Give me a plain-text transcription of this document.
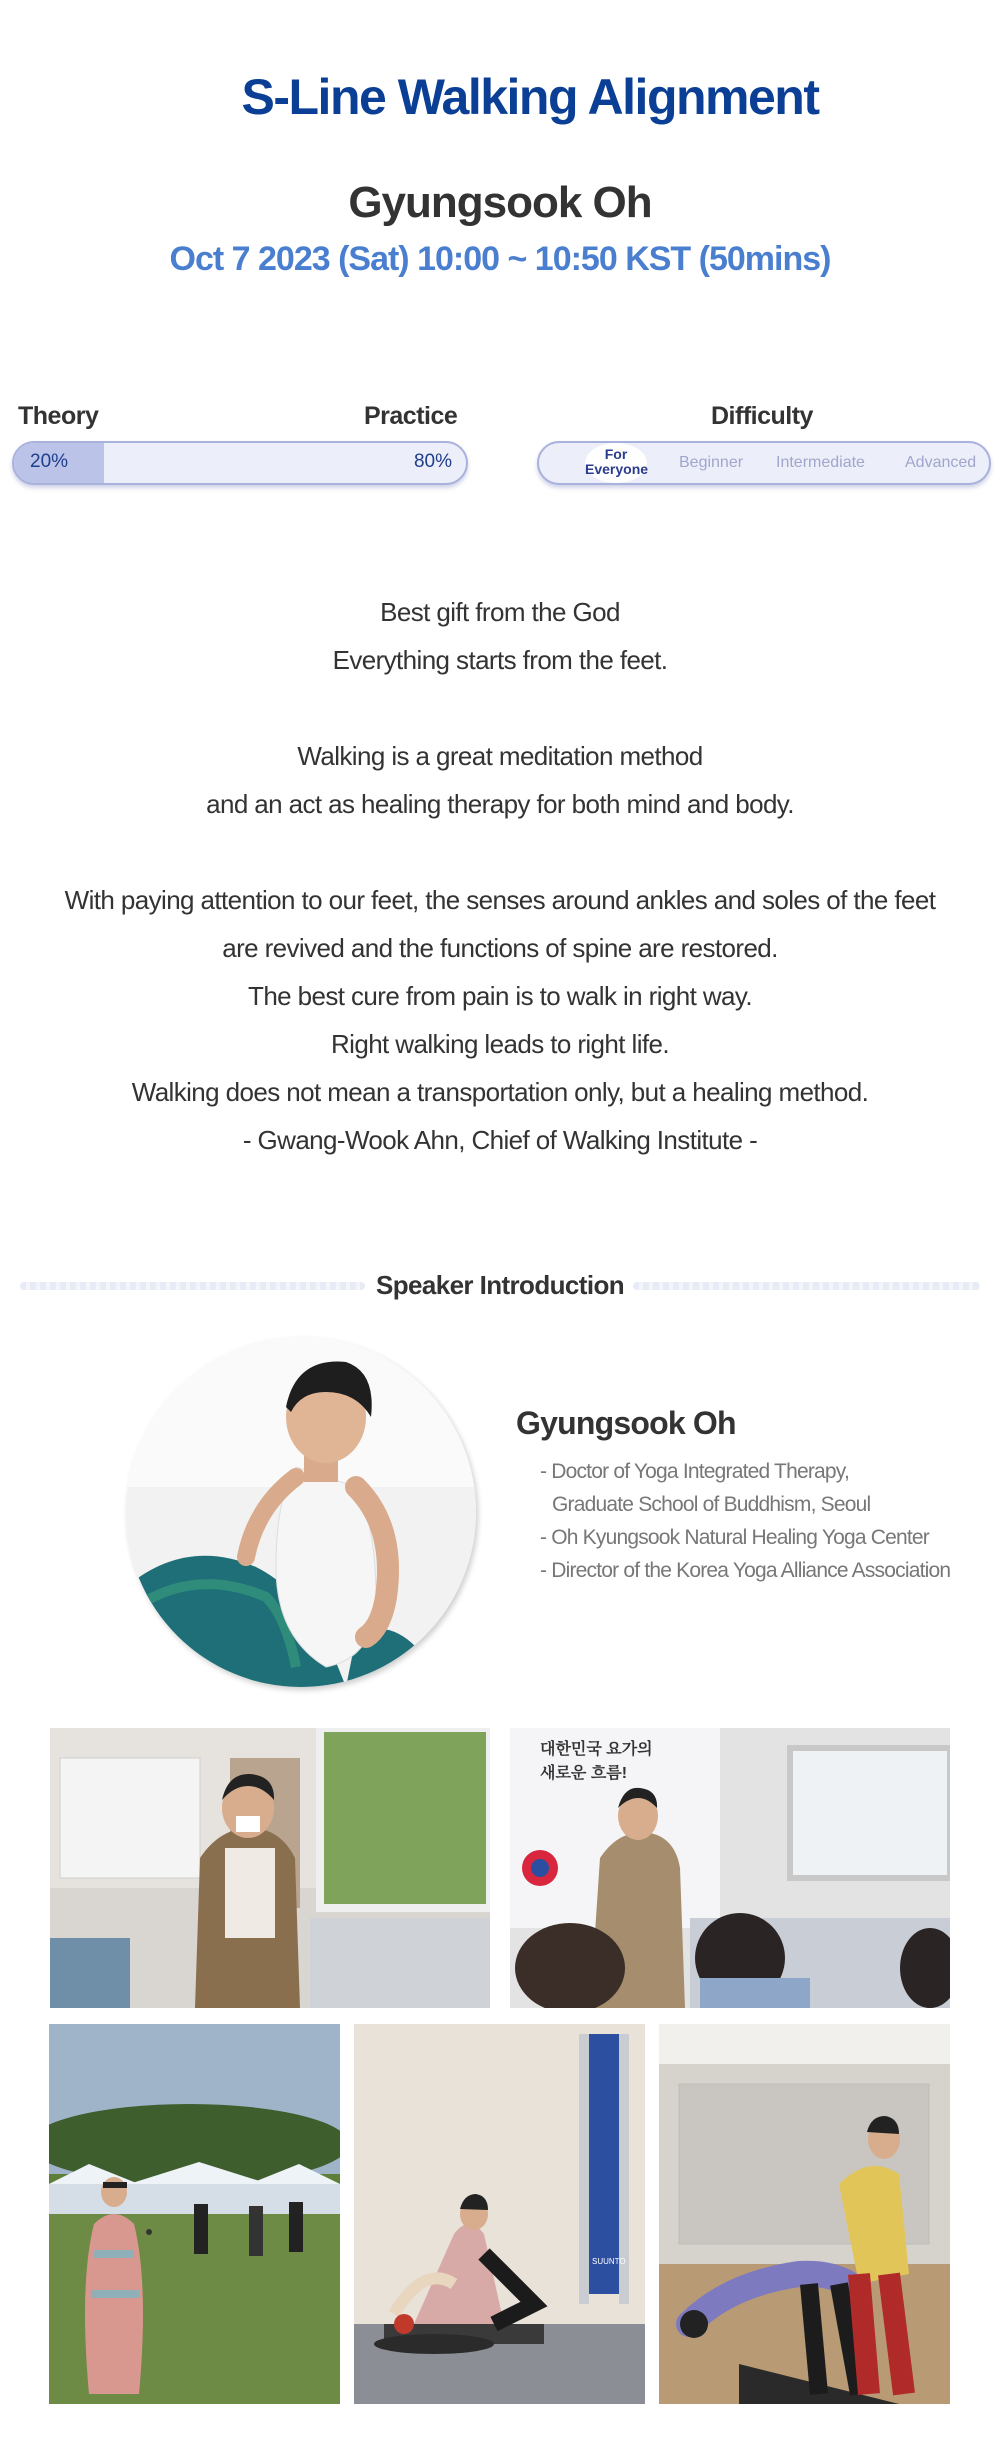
S-Line Walking Alignment
Gyungsook Oh
Oct 7 2023 (Sat) 10:00 ~ 10:50 KST (50mins)
Theory	Practice
20%	80%
Difficulty
For
Everyone Beginner Intermediate	Advanced
Best gift from the God
Everything starts from the feet.
Walking is a great meditation method
and an act as healing therapy for both mind and body.
With paying attention to our feet, the senses around ankles and soles of the feet
are revived and the functions of spine are restored.
The best cure from pain is to walk in right way.
Right walking leads to right life.
Walking does not mean a transportation only, but a healing method.
- Gwang-Wook Ahn, Chief of Walking Institute -
Speaker Introduction
Gyungsook Oh
- Doctor of Yoga Integrated Therapy,
Graduate School of Buddhism, Seoul
- Oh Kyungsook Natural Healing Yoga Center
- Director of the Korea Yoga Alliance Association
대한민국 요가의
새로운 흐름!
SUUNTO
